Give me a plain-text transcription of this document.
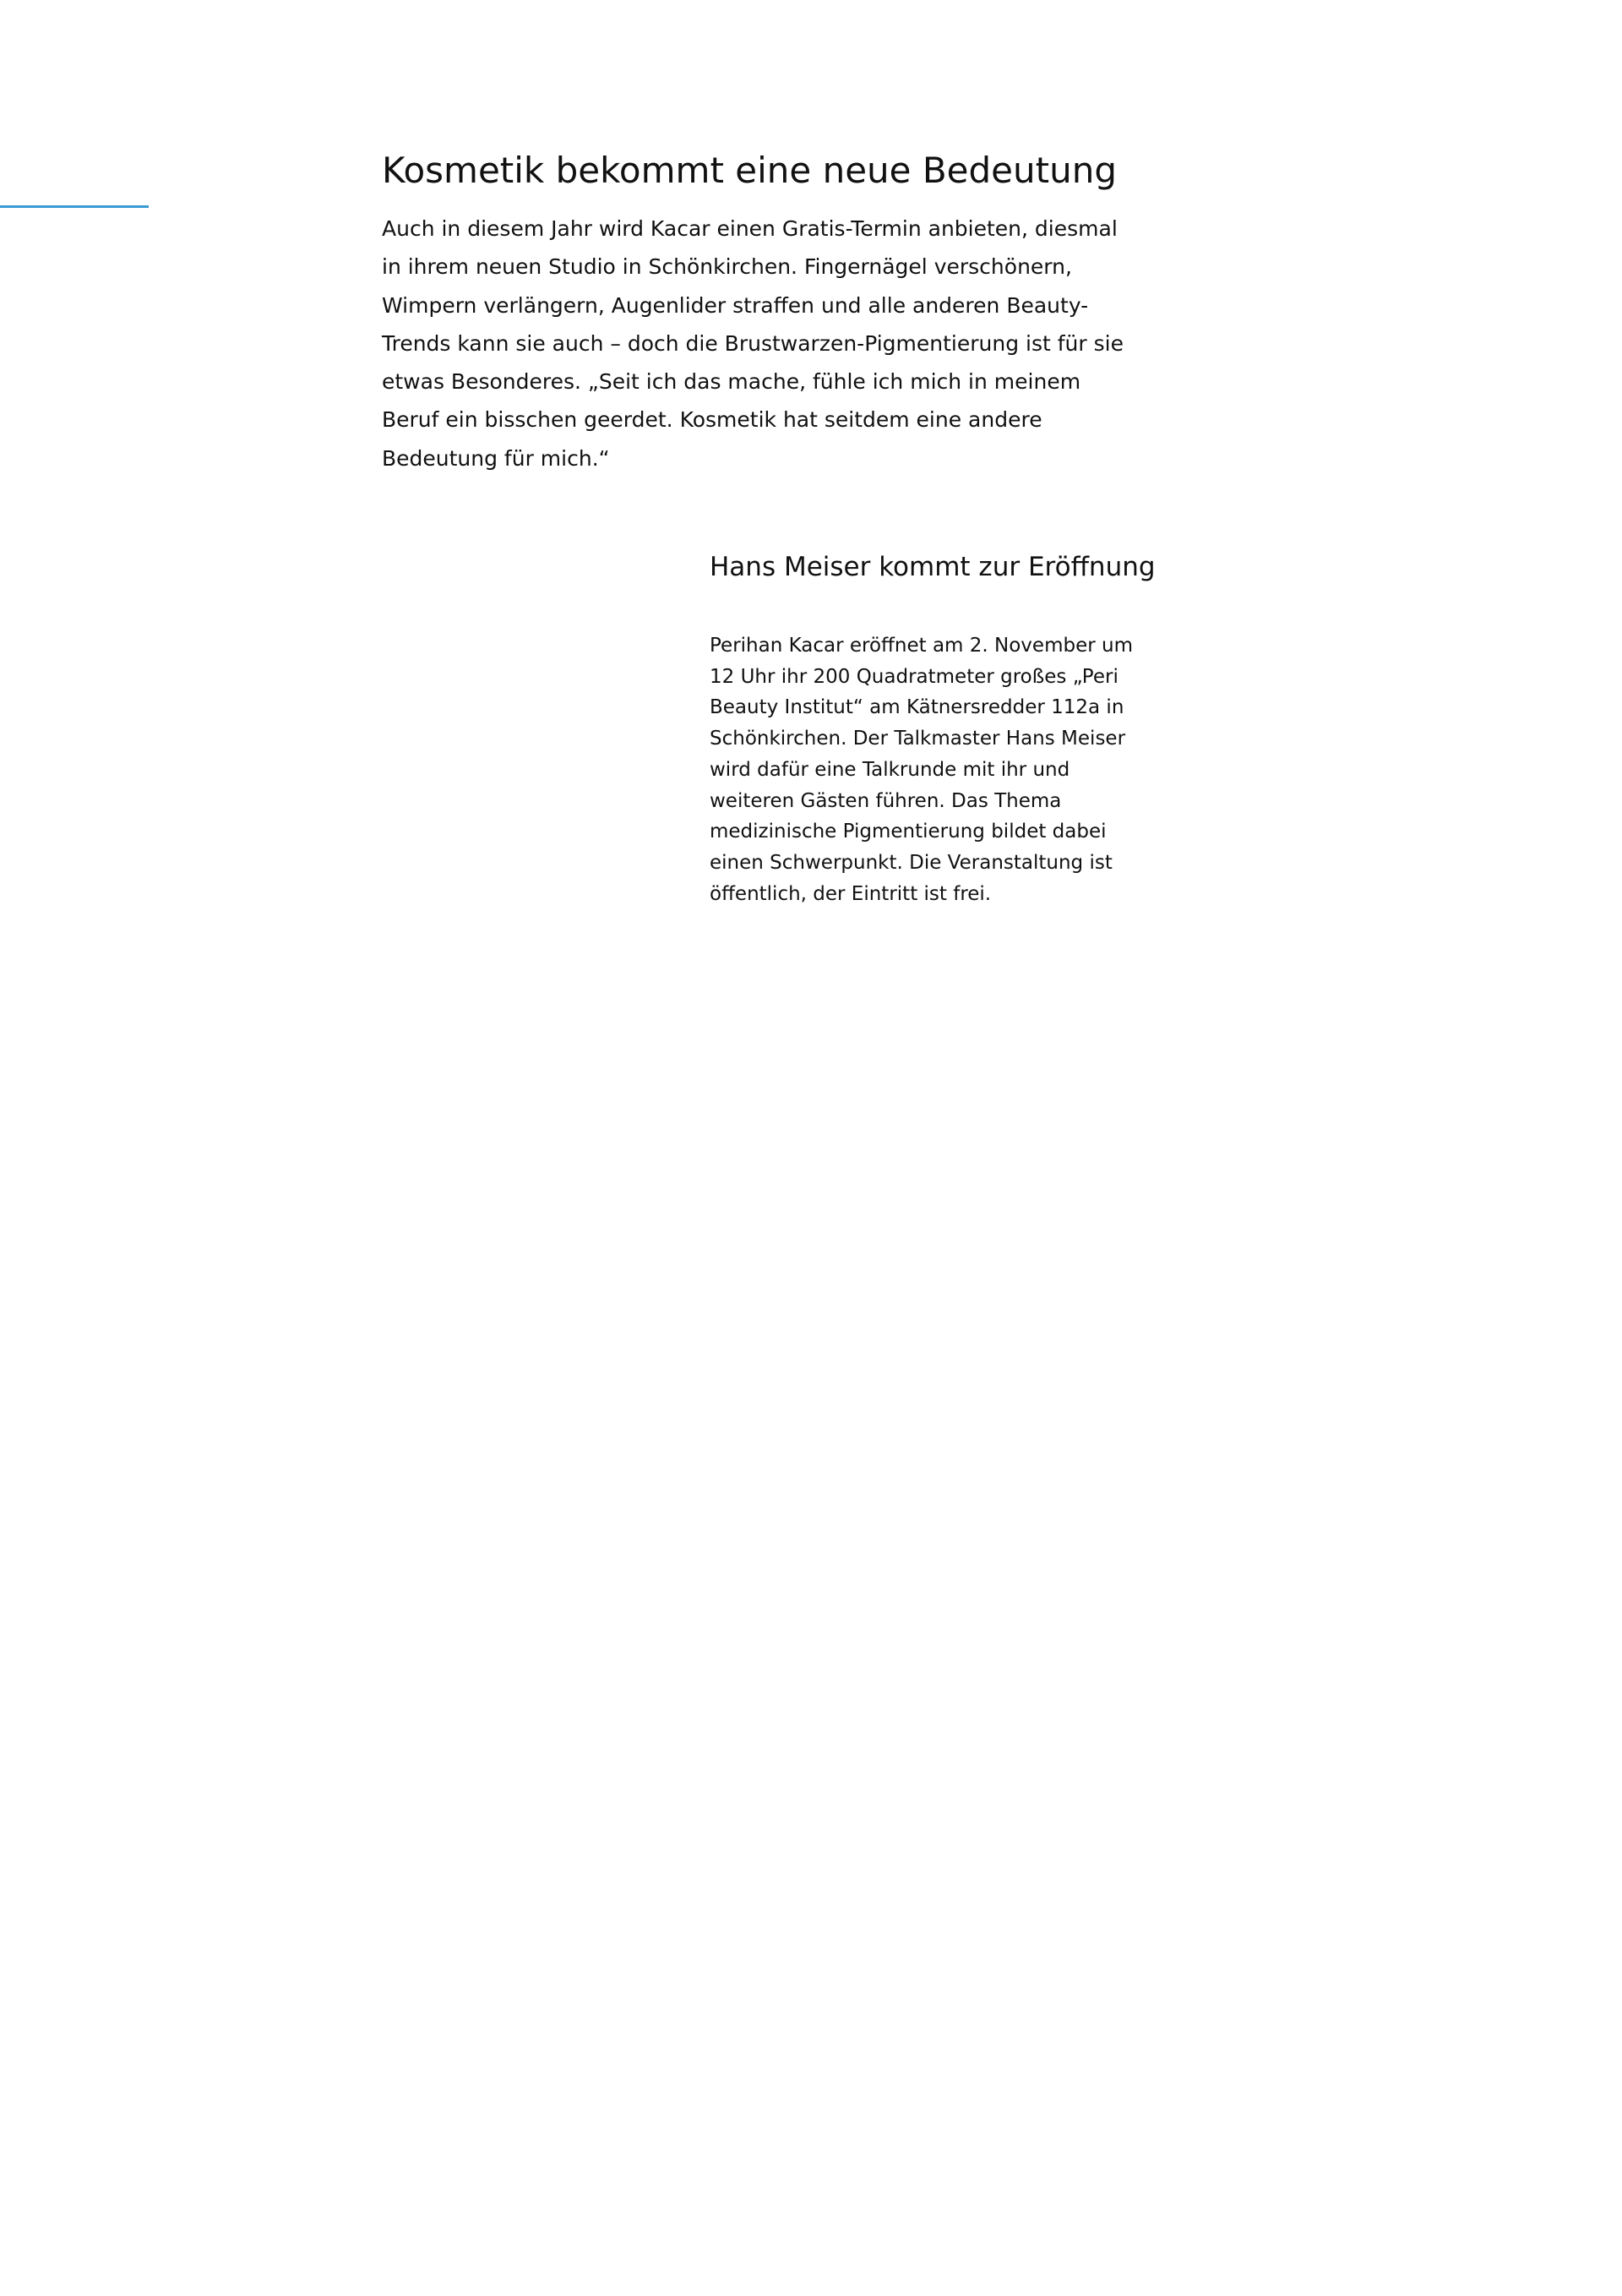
Kosmetik bekommt eine neue Bedeutung

Auch in diesem Jahr wird Kacar einen Gratis-Termin anbieten, diesmal in ihrem neuen Studio in Schönkirchen. Fingernägel verschönern, Wimpern verlängern, Augenlider straffen und alle anderen Beauty-Trends kann sie auch – doch die Brustwarzen-Pigmentierung ist für sie etwas Besonderes. „Seit ich das mache, fühle ich mich in meinem Beruf ein bisschen geerdet. Kosmetik hat seitdem eine andere Bedeutung für mich.“

Hans Meiser kommt zur Eröffnung

Perihan Kacar eröffnet am 2. November um 12 Uhr ihr 200 Quadratmeter großes „Peri Beauty Institut“ am Kätnersredder 112a in Schönkirchen. Der Talkmaster Hans Meiser wird dafür eine Talkrunde mit ihr und weiteren Gästen führen. Das Thema medizinische Pigmentierung bildet dabei einen Schwerpunkt. Die Veranstaltung ist öffentlich, der Eintritt ist frei.
